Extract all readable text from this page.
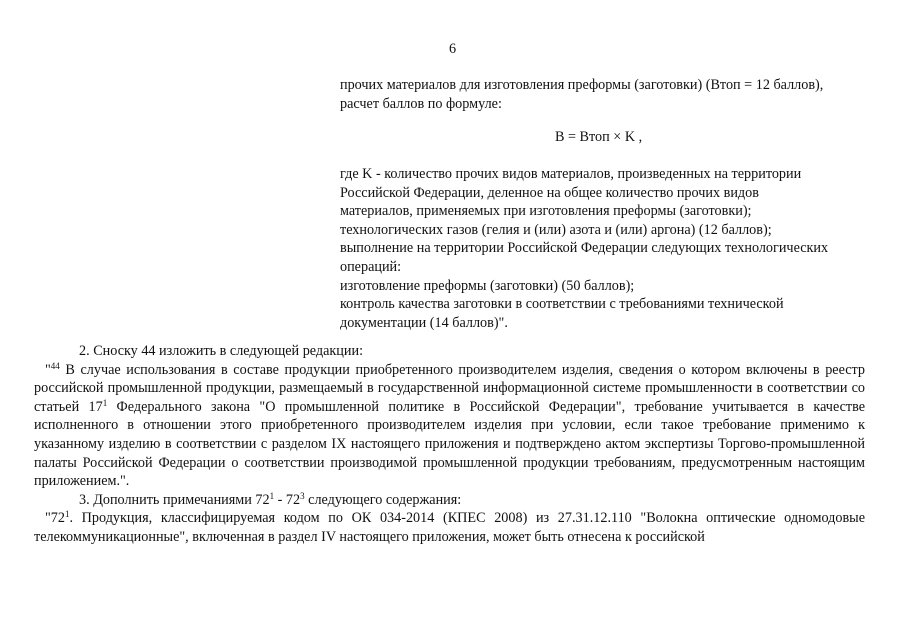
6

прочих материалов для изготовления преформы (заготовки) (Втоп = 12 баллов),

расчет баллов по формуле:

B = Bтоп × K ,

где K - количество прочих видов материалов, произведенных на территории

Российской Федерации, деленное на общее количество прочих видов

материалов, применяемых при изготовления преформы (заготовки);

технологических газов (гелия и (или) азота и (или) аргона) (12 баллов);

выполнение на территории Российской Федерации следующих технологических

операций:

изготовление преформы (заготовки) (50 баллов);

контроль качества заготовки в соответствии с требованиями технической

документации (14 баллов)".

2. Сноску 44 изложить в следующей редакции:

"$^{44}$ В случае использования в составе продукции приобретенного производителем изделия, сведения о котором включены в реестр российской промышленной продукции, размещаемый в государственной информационной системе промышленности в соответствии со статьей $17^1$ Федерального закона "О промышленной политике в Российской Федерации", требование учитывается в качестве исполненного в отношении этого приобретенного производителем изделия при условии, если такое требование применимо к указанному изделию в соответствии с разделом IX настоящего приложения и подтверждено актом экспертизы Торгово-промышленной палаты Российской Федерации о соответствии производимой промышленной продукции требованиям, предусмотренным настоящим приложением.".

3. Дополнить примечаниями $72^1 - 72^3$ следующего содержания:

"$72^1$. Продукция, классифицируемая кодом по ОК 034-2014 (КПЕС 2008) из 27.31.12.110 "Волокна оптические одномодовые телекоммуникационные", включенная в раздел IV настоящего приложения, может быть отнесена к российской
